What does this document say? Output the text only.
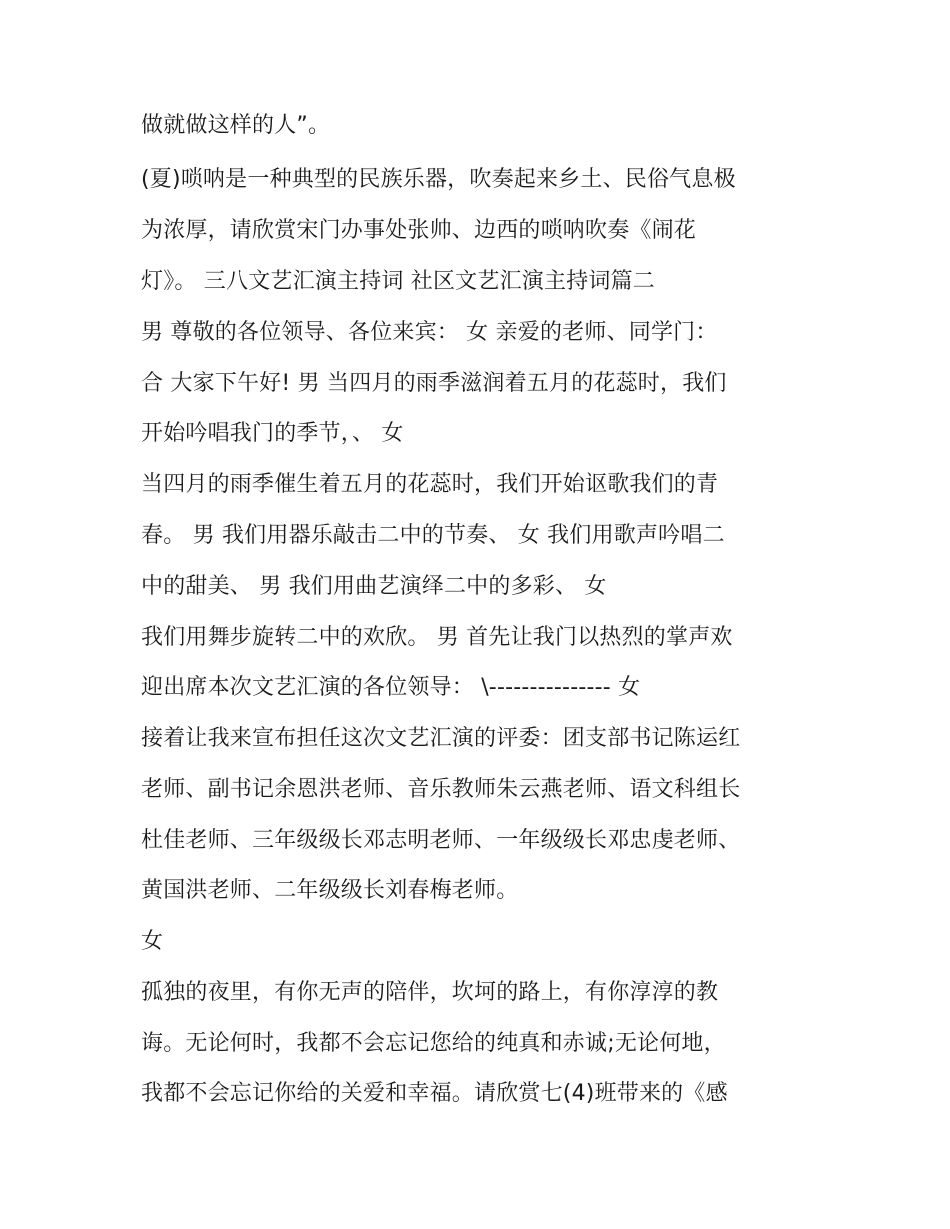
做就做这样的人”。

(夏)唢呐是一种典型的民族乐器，吹奏起来乡土、民俗气息极

为浓厚，请欣赏宋门办事处张帅、边西的唢呐吹奏《闹花

灯》。 三八文艺汇演主持词 社区文艺汇演主持词篇二

男 尊敬的各位领导、各位来宾： 女 亲爱的老师、同学门：

合 大家下午好! 男 当四月的雨季滋润着五月的花蕊时，我们

开始吟唱我门的季节，、 女

当四月的雨季催生着五月的花蕊时，我们开始讴歌我们的青

春。 男 我们用器乐敲击二中的节奏、 女 我们用歌声吟唱二

中的甜美、 男 我们用曲艺演绎二中的多彩、 女

我们用舞步旋转二中的欢欣。 男 首先让我门以热烈的掌声欢

迎出席本次文艺汇演的各位领导： \--------------- 女

接着让我来宣布担任这次文艺汇演的评委：团支部书记陈运红

老师、副书记余恩洪老师、音乐教师朱云燕老师、语文科组长

杜佳老师、三年级级长邓志明老师、一年级级长邓忠虔老师、

黄国洪老师、二年级级长刘春梅老师。

女

孤独的夜里，有你无声的陪伴，坎坷的路上，有你淳淳的教

诲。无论何时，我都不会忘记您给的纯真和赤诚;无论何地，

我都不会忘记你给的关爱和幸福。请欣赏七(4)班带来的《感
